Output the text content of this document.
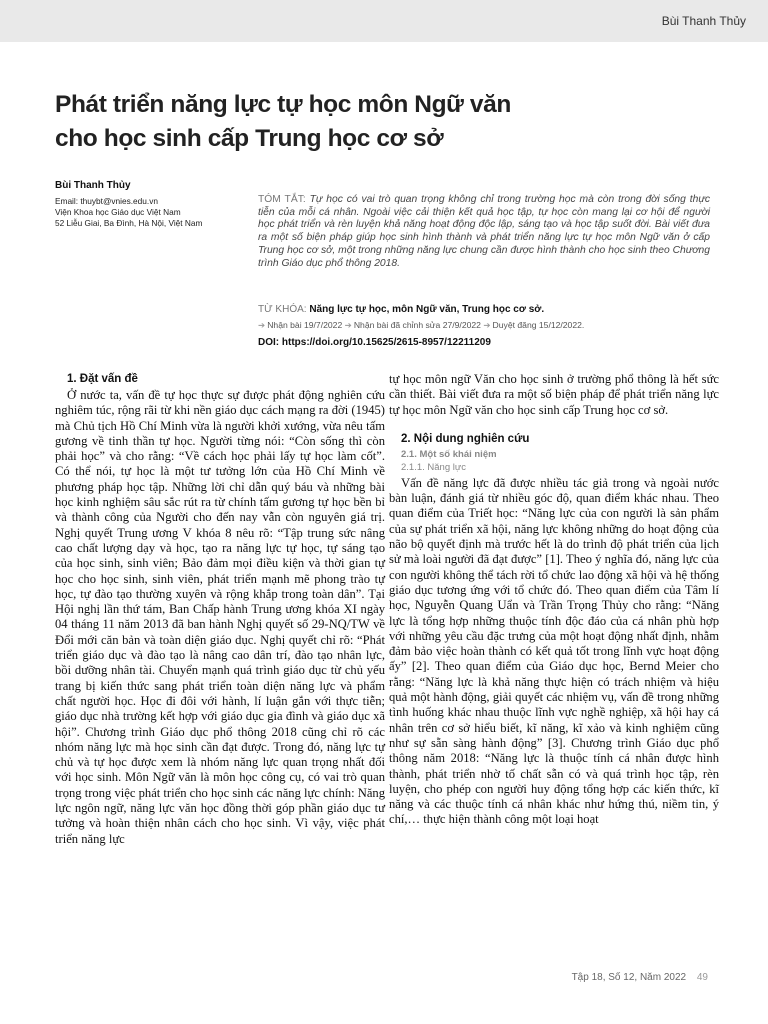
Bùi Thanh Thủy
Phát triển năng lực tự học môn Ngữ văn
cho học sinh cấp Trung học cơ sở
Bùi Thanh Thủy
Email: thuybt@vnies.edu.vn
Viện Khoa học Giáo dục Việt Nam
52 Liễu Giai, Ba Đình, Hà Nội, Việt Nam
TÓM TẮT: Tự học có vai trò quan trọng không chỉ trong trường học mà còn trong đời sống thực tiễn của mỗi cá nhân. Ngoài việc cải thiện kết quả học tập, tự học còn mang lại cơ hội để người học phát triển và rèn luyện khả năng hoạt động độc lập, sáng tạo và học tập suốt đời. Bài viết đưa ra một số biện pháp giúp học sinh hình thành và phát triển năng lực tự học môn Ngữ văn ở cấp Trung học cơ sở, một trong những năng lực chung cần được hình thành cho học sinh theo Chương trình Giáo dục phổ thông 2018.
TỪ KHÓA: Năng lực tự học, môn Ngữ văn, Trung học cơ sở.
➔ Nhận bài 19/7/2022 ➔ Nhận bài đã chỉnh sửa 27/9/2022 ➔ Duyệt đăng 15/12/2022.
DOI: https://doi.org/10.15625/2615-8957/12211209
1. Đặt vấn đề

Ở nước ta, vấn đề tự học thực sự được phát động nghiên cứu nghiêm túc, rộng rãi từ khi nền giáo dục cách mạng ra đời (1945) mà Chủ tịch Hồ Chí Minh vừa là người khởi xướng, vừa nêu tấm gương về tinh thần tự học. Người từng nói: “Còn sống thì còn phải học” và cho rằng: “Về cách học phải lấy tự học làm cốt”. Có thể nói, tự học là một tư tưởng lớn của Hồ Chí Minh về phương pháp học tập. Những lời chỉ dẫn quý báu và những bài học kinh nghiệm sâu sắc rút ra từ chính tấm gương tự học bền bỉ và thành công của Người cho đến nay vẫn còn nguyên giá trị. Nghị quyết Trung ương V khóa 8 nêu rõ: “Tập trung sức nâng cao chất lượng dạy và học, tạo ra năng lực tự học, tự sáng tạo của học sinh, sinh viên; Bảo đảm mọi điều kiện và thời gian tự học cho học sinh, sinh viên, phát triển mạnh mẽ phong trào tự học, tự đào tạo thường xuyên và rộng khắp trong toàn dân”. Tại Hội nghị lần thứ tám, Ban Chấp hành Trung ương khóa XI ngày 04 tháng 11 năm 2013 đã ban hành Nghị quyết số 29-NQ/TW về Đổi mới căn bản và toàn diện giáo dục. Nghị quyết chỉ rõ: “Phát triển giáo dục và đào tạo là nâng cao dân trí, đào tạo nhân lực, bồi dưỡng nhân tài. Chuyển mạnh quá trình giáo dục từ chủ yếu trang bị kiến thức sang phát triển toàn diện năng lực và phẩm chất người học. Học đi đôi với hành, lí luận gắn với thực tiễn; giáo dục nhà trường kết hợp với giáo dục gia đình và giáo dục xã hội”. Chương trình Giáo dục phổ thông 2018 cũng chỉ rõ các nhóm năng lực mà học sinh cần đạt được. Trong đó, năng lực tự chủ và tự học được xem là nhóm năng lực quan trọng nhất đối với học sinh. Môn Ngữ văn là môn học công cụ, có vai trò quan trọng trong việc phát triển cho học sinh các năng lực chính: Năng lực ngôn ngữ, năng lực văn học đồng thời góp phần giáo dục tư tưởng và hoàn thiện nhân cách cho học sinh. Vì vậy, việc phát triển năng lực

tự học môn ngữ Văn cho học sinh ở trường phổ thông là hết sức cần thiết. Bài viết đưa ra một số biện pháp để phát triển năng lực tự học môn Ngữ văn cho học sinh cấp Trung học cơ sở.

2. Nội dung nghiên cứu
2.1. Một số khái niệm
2.1.1. Năng lực

Vấn đề năng lực đã được nhiều tác giả trong và ngoài nước bàn luận, đánh giá từ nhiều góc độ, quan điểm khác nhau. Theo quan điểm của Triết học: “Năng lực của con người là sản phẩm của sự phát triển xã hội, năng lực không những do hoạt động của não bộ quyết định mà trước hết là do trình độ phát triển của lịch sử mà loài người đã đạt được” [1]. Theo ý nghĩa đó, năng lực của con người không thể tách rời tổ chức lao động xã hội và hệ thống giáo dục tương ứng với tổ chức đó. Theo quan điểm của Tâm lí học, Nguyễn Quang Uẩn và Trần Trọng Thủy cho rằng: “Năng lực là tổng hợp những thuộc tính độc đáo của cá nhân phù hợp với những yêu cầu đặc trưng của một hoạt động nhất định, nhằm đảm bảo việc hoàn thành có kết quả tốt trong lĩnh vực hoạt động ấy” [2]. Theo quan điểm của Giáo dục học, Bernd Meier cho rằng: “Năng lực là khả năng thực hiện có trách nhiệm và hiệu quả một hành động, giải quyết các nhiệm vụ, vấn đề trong những tình huống khác nhau thuộc lĩnh vực nghề nghiệp, xã hội hay cá nhân trên cơ sở hiểu biết, kĩ năng, kĩ xảo và kinh nghiệm cũng như sự sẵn sàng hành động” [3]. Chương trình Giáo dục phổ thông năm 2018: “Năng lực là thuộc tính cá nhân được hình thành, phát triển nhờ tố chất sẵn có và quá trình học tập, rèn luyện, cho phép con người huy động tổng hợp các kiến thức, kĩ năng và các thuộc tính cá nhân khác như hứng thú, niềm tin, ý chí,… thực hiện thành công một loại hoạt

Tập 18, Số 12, Năm 2022 49
